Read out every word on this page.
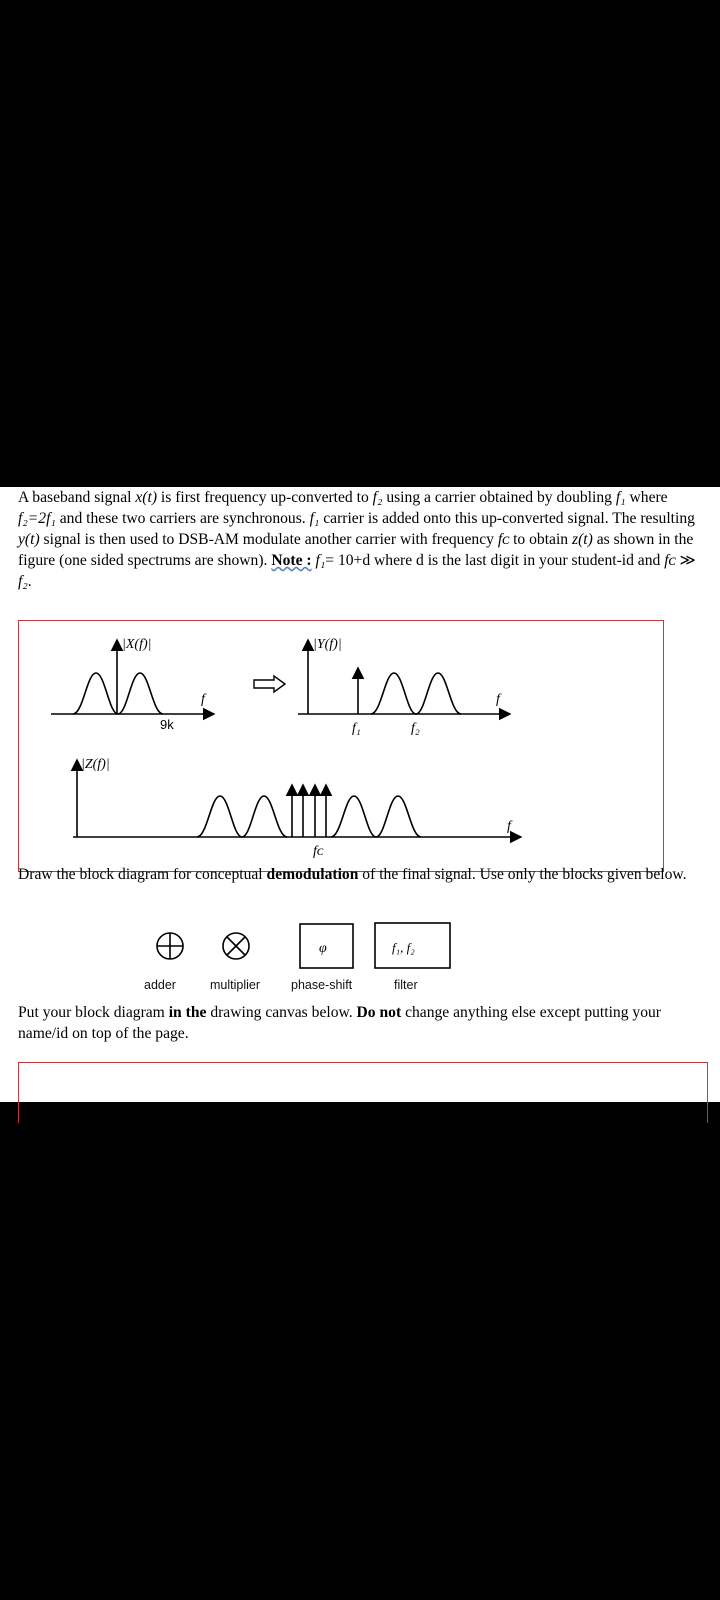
A baseband signal x(t) is first frequency up-converted to f₂ using a carrier obtained by doubling f₁ where f₂=2f₁ and these two carriers are synchronous. f₁ carrier is added onto this up-converted signal. The resulting y(t) signal is then used to DSB-AM modulate another carrier with frequency fᴄ to obtain z(t) as shown in the figure (one sided spectrums are shown). Note : f₁= 10+d where d is the last digit in your student-id and fᴄ ≫ f₂.

|X(f)|
f
9k
|Y(f)|
f
f₁	f₂
|Z(f)|
f
fᴄ

Draw the block diagram for conceptual demodulation of the final signal. Use only the blocks given below.

φ	f₁, f₂
adder	multiplier phase-shift	filter

Put your block diagram in the drawing canvas below. Do not change anything else except putting your name/id on top of the page.
